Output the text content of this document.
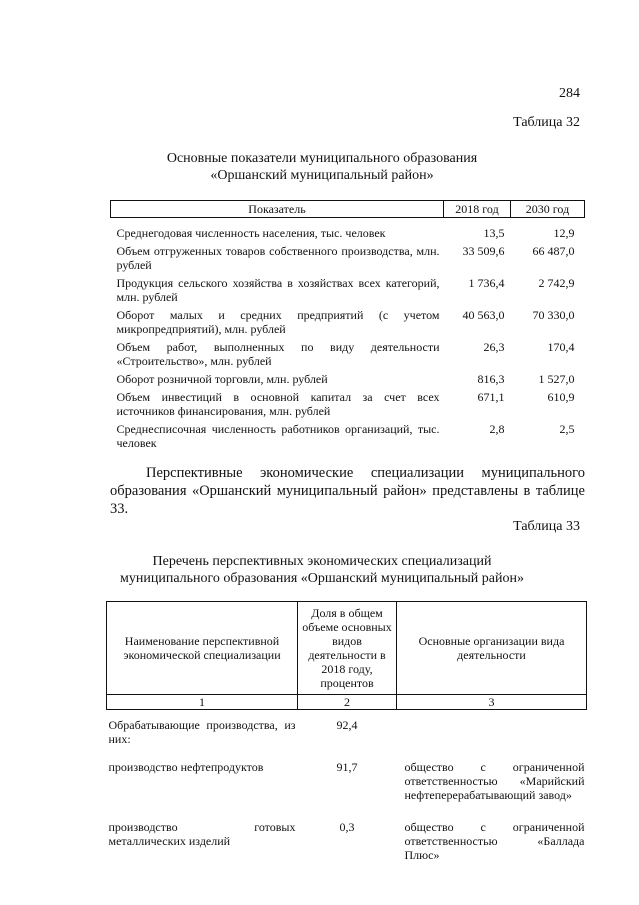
284
Таблица 32
Основные показатели муниципального образования
«Оршанский муниципальный район»
Показатель	2018 год	2030 год
Среднегодовая численность населения, тыс. человек	13,5	12,9
Объем отгруженных товаров собственного производства, млн. рублей	33 509,6	66 487,0
Продукция сельского хозяйства в хозяйствах всех категорий, млн. рублей	1 736,4	2 742,9
Оборот малых и средних предприятий (с учетом микропредприятий), млн. рублей	40 563,0	70 330,0
Объем работ, выполненных по виду деятельности «Строительство», млн. рублей	26,3	170,4
Оборот розничной торговли, млн. рублей	816,3	1 527,0
Объем инвестиций в основной капитал за счет всех источников финансирования, млн. рублей	671,1	610,9
Среднесписочная численность работников организаций, тыс. человек	2,8	2,5
Перспективные экономические специализации муниципального образования «Оршанский муниципальный район» представлены в таблице 33.
Таблица 33
Перечень перспективных экономических специализаций
муниципального образования «Оршанский муниципальный район»
Наименование перспективной экономической специализации	Доля в общем объеме основных видов деятельности в 2018 году, процентов	Основные организации вида деятельности
1	2	3
Обрабатывающие производства, из них:	92,4	
производство нефтепродуктов	91,7	общество с ограниченной ответственностью «Марийский нефтеперерабатывающий завод»
производство готовых металлических изделий	0,3	общество с ограниченной ответственностью «Баллада Плюс»
